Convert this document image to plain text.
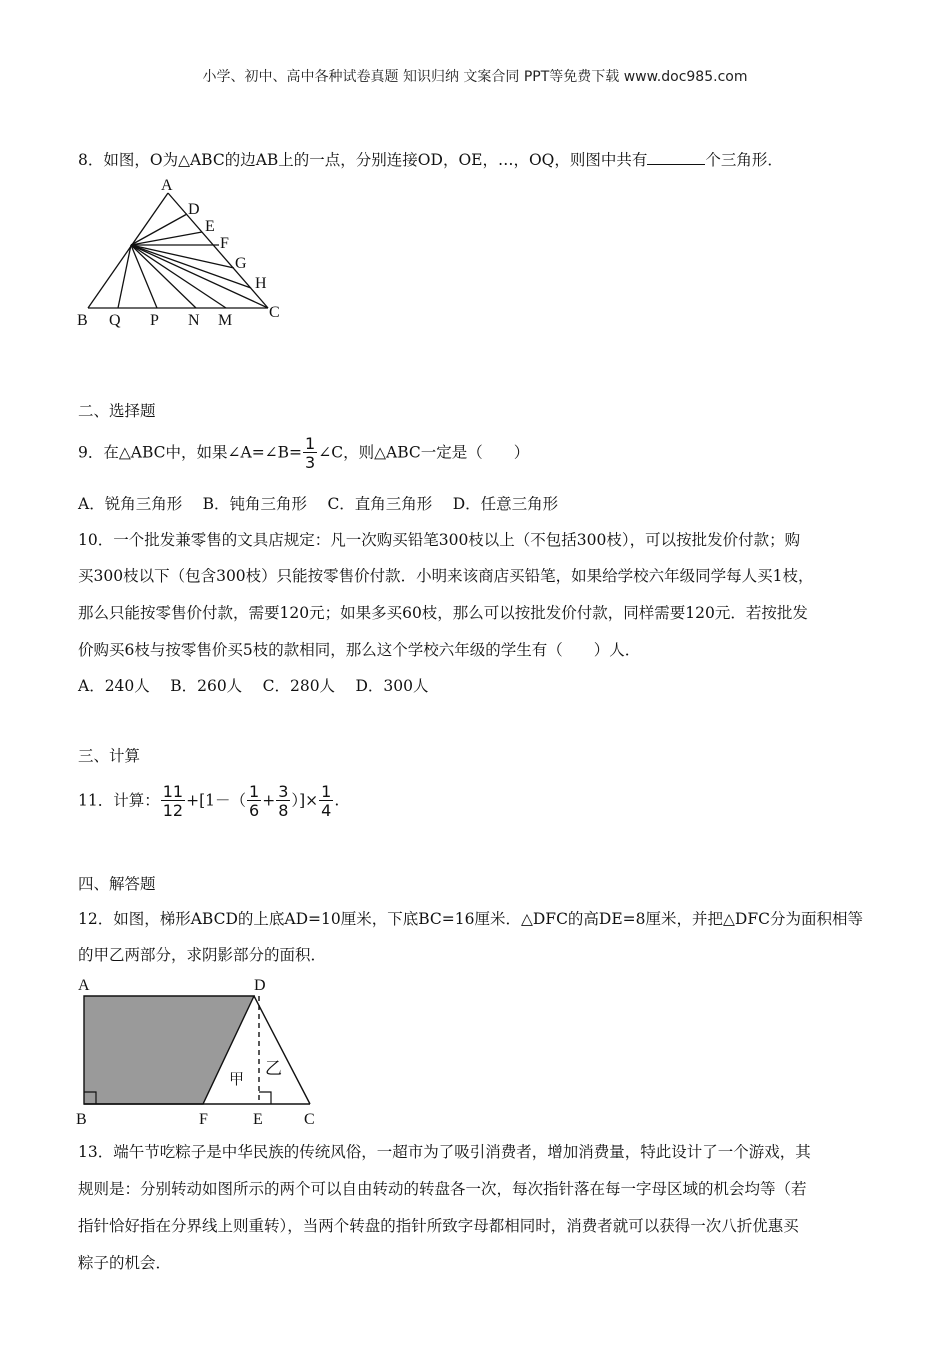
小学、初中、高中各种试卷真题 知识归纳 文案合同 PPT等免费下载 www.doc985.com
8．如图，O为△ABC的边AB上的一点，分别连接OD，OE，…，OQ，则图中共有	个三角形．
A
D
E
F
G
H
C
B Q P N M
二、选择题
9．在△ABC中，如果∠A=∠B= $\frac{1}{3}$ ∠C，则△ABC一定是（　　）
A．锐角三角形　 B．钝角三角形　 C．直角三角形　 D．任意三角形
10．一个批发兼零售的文具店规定：凡一次购买铅笔300枝以上（不包括300枝），可以按批发价付款；购
买300枝以下（包含300枝）只能按零售价付款．小明来该商店买铅笔，如果给学校六年级同学每人买1枝，
那么只能按零售价付款，需要120元；如果多买60枝，那么可以按批发价付款，同样需要120元．若按批发
价购买6枝与按零售价买5枝的款相同，那么这个学校六年级的学生有（　　）人．
A．240人　 B．260人　 C．280人　 D．300人
三、计算
11．计算： $\frac{11}{12} +[1-( \frac{1}{6} + \frac{3}{8}$ ）]× $\frac{1}{4}$ .
四、解答题
12．如图，梯形ABCD的上底AD=10厘米，下底BC=16厘米．△DFC的高DE=8厘米，并把△DFC分为面积相等
的甲乙两部分，求阴影部分的面积．
A	D
B	F	E	C
甲
乙
13．端午节吃粽子是中华民族的传统风俗，一超市为了吸引消费者，增加消费量，特此设计了一个游戏，其
规则是：分别转动如图所示的两个可以自由转动的转盘各一次，每次指针落在每一字母区域的机会均等（若
指针恰好指在分界线上则重转），当两个转盘的指针所致字母都相同时，消费者就可以获得一次八折优惠买
粽子的机会．
